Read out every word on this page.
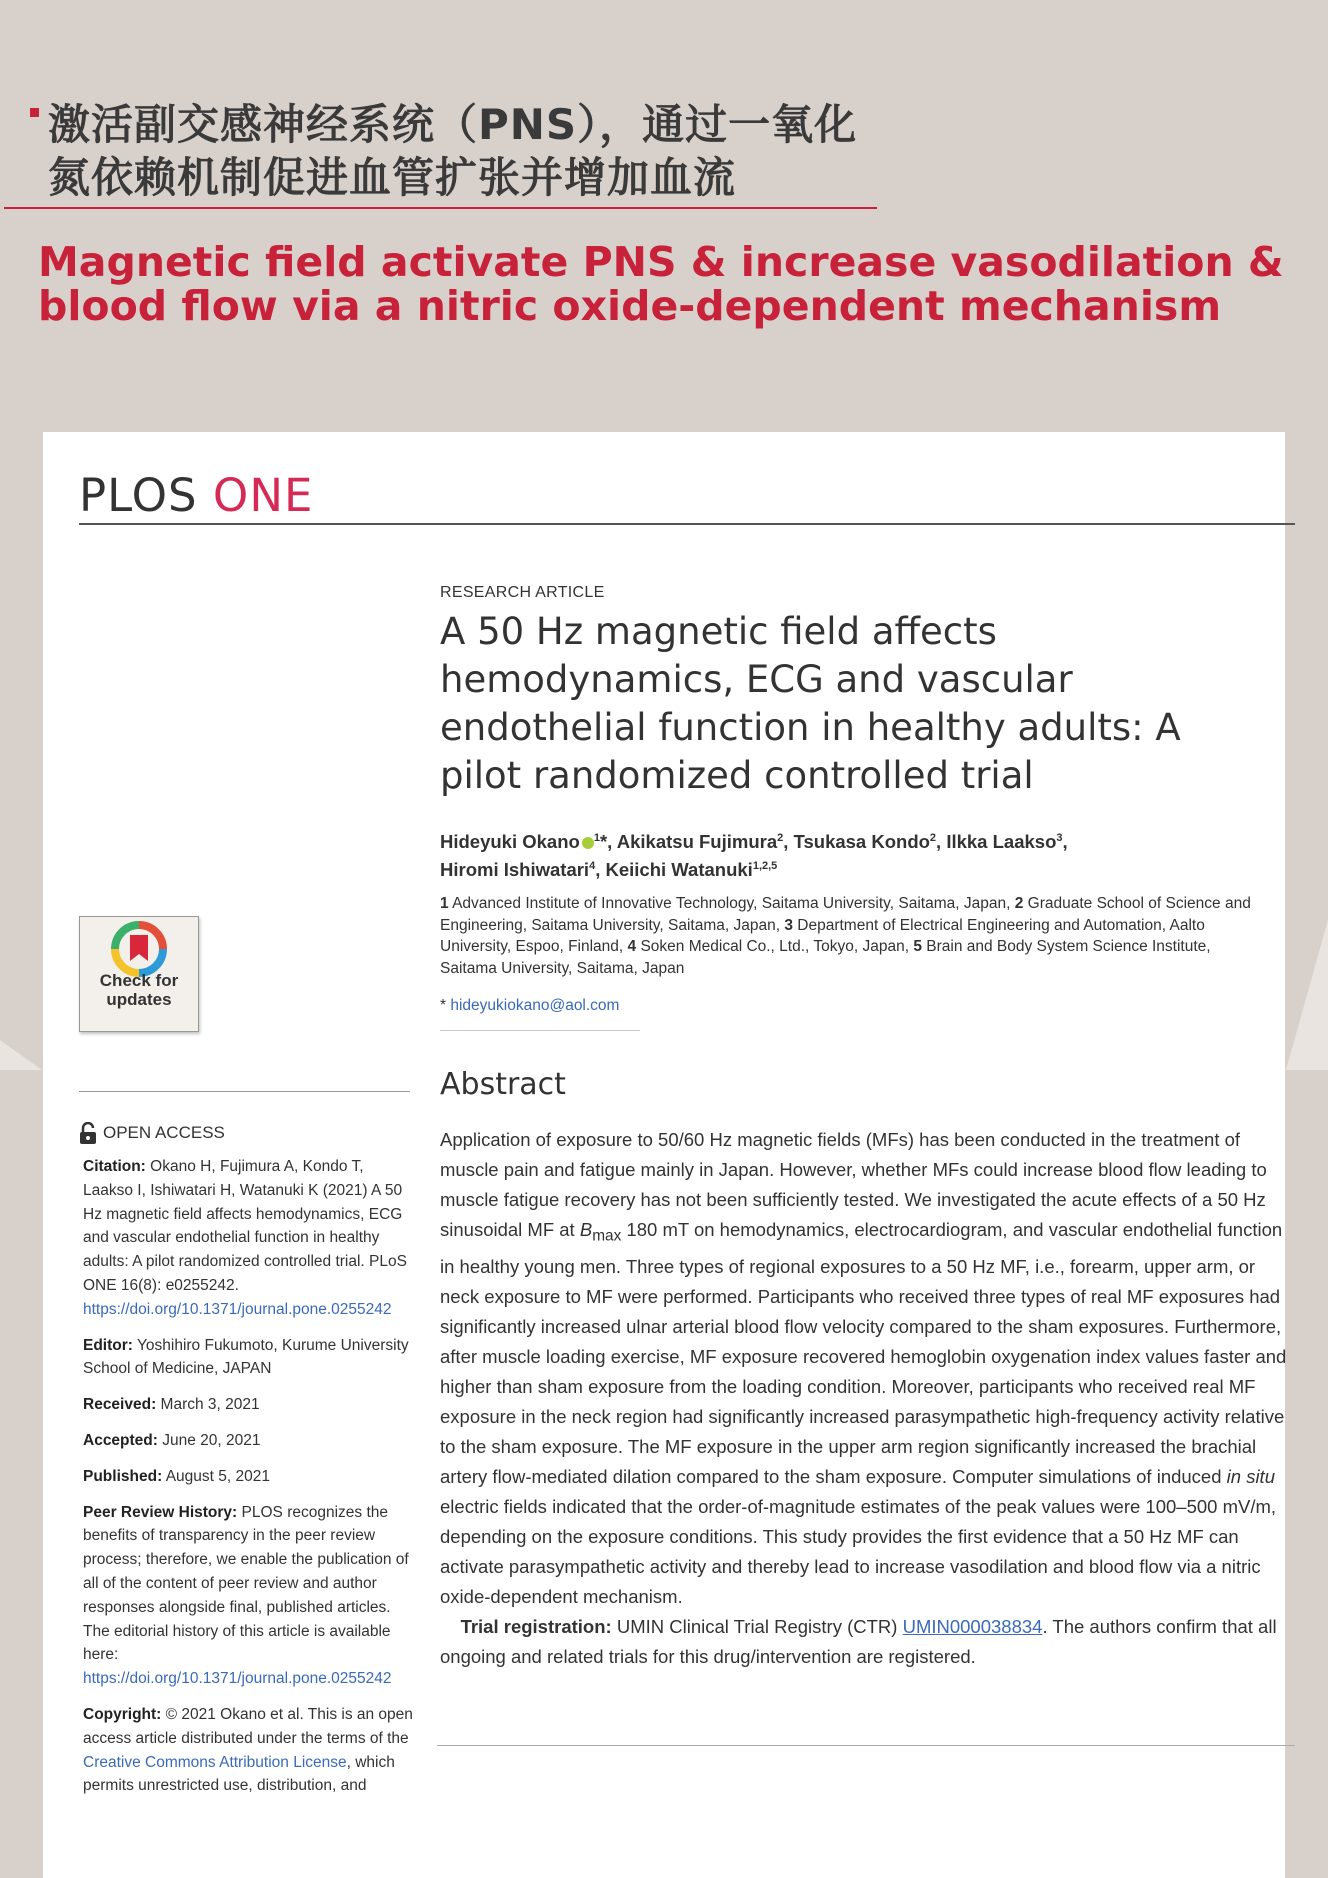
激活副交感神经系统（PNS），通过一氧化氮依赖机制促进血管扩张并增加血流
Magnetic field activate PNS & increase vasodilation & blood flow via a nitric oxide-dependent mechanism
PLOS ONE
Check for
updates
OPEN ACCESS

Citation: Okano H, Fujimura A, Kondo T, Laakso I, Ishiwatari H, Watanuki K (2021) A 50 Hz magnetic field affects hemodynamics, ECG and vascular endothelial function in healthy adults: A pilot randomized controlled trial. PLoS ONE 16(8): e0255242. https://doi.org/10.1371/journal.pone.0255242

Editor: Yoshihiro Fukumoto, Kurume University School of Medicine, JAPAN

Received: March 3, 2021

Accepted: June 20, 2021

Published: August 5, 2021

Peer Review History: PLOS recognizes the benefits of transparency in the peer review process; therefore, we enable the publication of all of the content of peer review and author responses alongside final, published articles. The editorial history of this article is available here: https://doi.org/10.1371/journal.pone.0255242

Copyright: © 2021 Okano et al. This is an open access article distributed under the terms of the Creative Commons Attribution License, which permits unrestricted use, distribution, and

RESEARCH ARTICLE
A 50 Hz magnetic field affects hemodynamics, ECG and vascular endothelial function in healthy adults: A pilot randomized controlled trial
Hideyuki Okano $^1$*, Akikatsu Fujimura$^2$, Tsukasa Kondo$^2$, Ilkka Laakso$^3$,
Hiromi Ishiwatari$^4$, Keiichi Watanuki$^{1,2,5}$
1 Advanced Institute of Innovative Technology, Saitama University, Saitama, Japan, 2 Graduate School of Science and Engineering, Saitama University, Saitama, Japan, 3 Department of Electrical Engineering and Automation, Aalto University, Espoo, Finland, 4 Soken Medical Co., Ltd., Tokyo, Japan, 5 Brain and Body System Science Institute, Saitama University, Saitama, Japan
* hideyukiokano@aol.com
Abstract

Application of exposure to 50/60 Hz magnetic fields (MFs) has been conducted in the treatment of muscle pain and fatigue mainly in Japan. However, whether MFs could increase blood flow leading to muscle fatigue recovery has not been sufficiently tested. We investigated the acute effects of a 50 Hz sinusoidal MF at $B_{max}$ 180 mT on hemodynamics, electrocardiogram, and vascular endothelial function in healthy young men. Three types of regional exposures to a 50 Hz MF, i.e., forearm, upper arm, or neck exposure to MF were performed. Participants who received three types of real MF exposures had significantly increased ulnar arterial blood flow velocity compared to the sham exposures. Furthermore, after muscle loading exercise, MF exposure recovered hemoglobin oxygenation index values faster and higher than sham exposure from the loading condition. Moreover, participants who received real MF exposure in the neck region had significantly increased parasympathetic high-frequency activity relative to the sham exposure. The MF exposure in the upper arm region significantly increased the brachial artery flow-mediated dilation compared to the sham exposure. Computer simulations of induced in situ electric fields indicated that the order-of-magnitude estimates of the peak values were 100–500 mV/m, depending on the exposure conditions. This study provides the first evidence that a 50 Hz MF can activate parasympathetic activity and thereby lead to increase vasodilation and blood flow via a nitric oxide-dependent mechanism.

Trial registration: UMIN Clinical Trial Registry (CTR) UMIN000038834. The authors confirm that all ongoing and related trials for this drug/intervention are registered.
